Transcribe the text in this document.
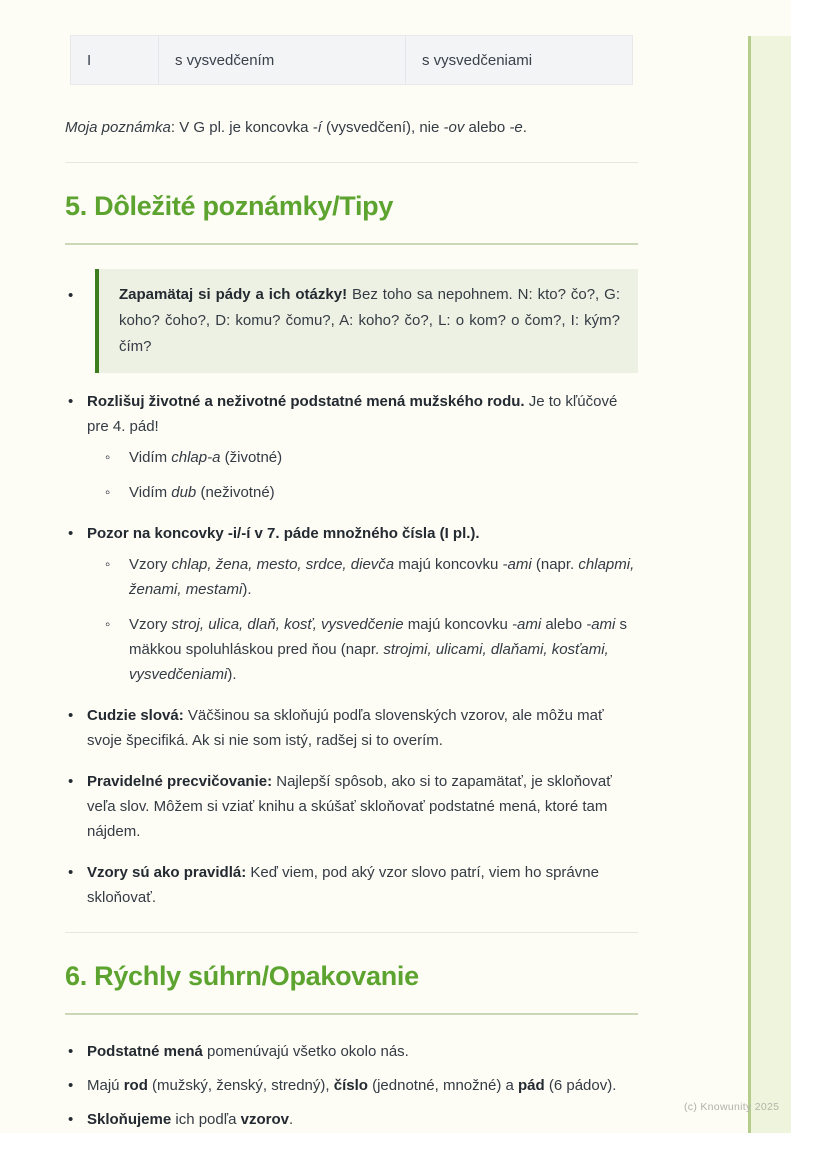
I	s vysvedčením	s vysvedčeniami

Moja poznámka: V G pl. je koncovka -í (vysvedčení), nie -ov alebo -e.

5. Dôležité poznámky/Tipy
• Zapamätaj si pády a ich otázky! Bez toho sa nepohnem. N: kto? čo?, G: koho? čoho?, D: komu? čomu?, A: koho? čo?, L: o kom? o čom?, I: kým? čím?
• Rozlišuj životné a neživotné podstatné mená mužského rodu. Je to kľúčové pre 4. pád!
◦ Vidím chlap-a (životné)
◦ Vidím dub (neživotné)
• Pozor na koncovky -i/-í v 7. páde množného čísla (I pl.).
◦ Vzory chlap, žena, mesto, srdce, dievča majú koncovku -ami (napr. chlapmi, ženami, mestami).
◦ Vzory stroj, ulica, dlaň, kosť, vysvedčenie majú koncovku -ami alebo -ami s mäkkou spoluhláskou pred ňou (napr. strojmi, ulicami, dlaňami, kosťami, vysvedčeniami).
• Cudzie slová: Väčšinou sa skloňujú podľa slovenských vzorov, ale môžu mať svoje špecifiká. Ak si nie som istý, radšej si to overím.
• Pravidelné precvičovanie: Najlepší spôsob, ako si to zapamätať, je skloňovať veľa slov. Môžem si vziať knihu a skúšať skloňovať podstatné mená, ktoré tam nájdem.
• Vzory sú ako pravidlá: Keď viem, pod aký vzor slovo patrí, viem ho správne skloňovať.
6. Rýchly súhrn/Opakovanie
• Podstatné mená pomenúvajú všetko okolo nás.
• Majú rod (mužský, ženský, stredný), číslo (jednotné, množné) a pád (6 pádov).
• Skloňujeme ich podľa vzorov.
(c) Knowunity 2025
